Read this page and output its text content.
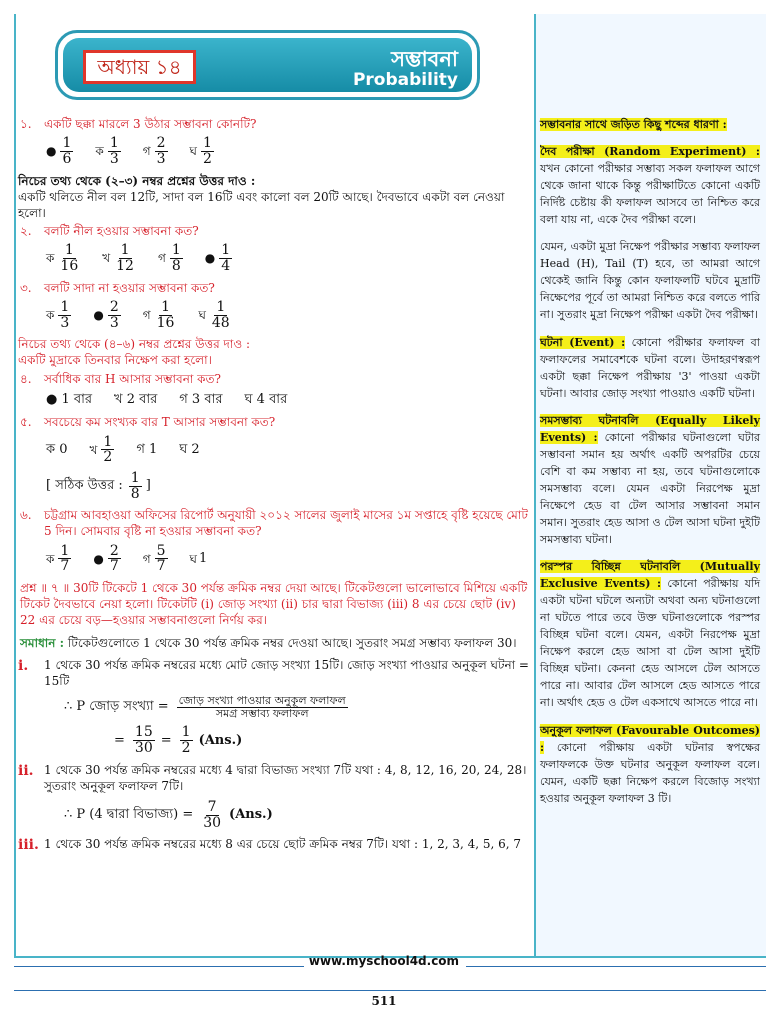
অধ্যায় ১৪	সম্ভাবনা
Probability

১. একটি ছক্কা মারলে 3 উঠার সম্ভাবনা কোনটি?

● $\frac{1}{6}$ ক $\frac{1}{3}$ গ $\frac{2}{3}$ ঘ $\frac{1}{2}$
নিচের তথ্য থেকে (২–৩) নম্বর প্রশ্নের উত্তর দাও :
একটি থলিতে নীল বল 12টি, সাদা বল 16টি এবং কালো বল 20টি আছে। দৈবভাবে একটা বল নেওয়া হলো।

২. বলটি নীল হওয়ার সম্ভাবনা কত?

ক $\frac{1}{16}$ খ $\frac{1}{12}$ গ $\frac{1}{8}$ ● $\frac{1}{4}$

৩. বলটি সাদা না হওয়ার সম্ভাবনা কত?

ক $\frac{1}{3}$ ● $\frac{2}{3}$ গ $\frac{1}{16}$ ঘ $\frac{1}{48}$
নিচের তথ্য থেকে (৪–৬) নম্বর প্রশ্নের উত্তর দাও :
একটি মুদ্রাকে তিনবার নিক্ষেপ করা হলো।

৪. সর্বাধিক বার H আসার সম্ভাবনা কত?

● 1 বার খ 2 বার গ 3 বার ঘ 4 বার

৫. সবচেয়ে কম সংখ্যক বার T আসার সম্ভাবনা কত?

ক 0 খ $\frac{1}{2}$ গ 1 ঘ 2
[ সঠিক উত্তর : $\frac{1}{8}$ ]

৬.	চট্টগ্রাম আবহাওয়া অফিসের রিপোর্ট অনুযায়ী ২০১২ সালের জুলাই মাসের ১ম সপ্তাহে বৃষ্টি হয়েছে মোট 5 দিন। সোমবার বৃষ্টি না হওয়ার সম্ভাবনা কত?

ক $\frac{1}{7}$ ● $\frac{2}{7}$ গ $\frac{5}{7}$ ঘ 1

প্রশ্ন ॥ ৭ ॥ 30টি টিকেটে 1 থেকে 30 পর্যন্ত ক্রমিক নম্বর দেয়া আছে। টিকেটগুলো ভালোভাবে মিশিয়ে একটি টিকেট দৈবভাবে নেয়া হলো। টিকেটটি (i) জোড় সংখ্যা (ii) চার দ্বারা বিভাজ্য (iii) 8 এর চেয়ে ছোট (iv) 22 এর চেয়ে বড়—হওয়ার সম্ভাবনাগুলো নির্ণয় কর।

সমাধান : টিকেটগুলোতে 1 থেকে 30 পর্যন্ত ক্রমিক নম্বর দেওয়া আছে। সুতরাং সমগ্র সম্ভাব্য ফলাফল 30।

i.	1 থেকে 30 পর্যন্ত ক্রমিক নম্বরের মধ্যে মোট জোড় সংখ্যা 15টি। জোড় সংখ্যা পাওয়ার অনুকূল ঘটনা = 15টি
∴ P জোড় সংখ্যা = $\frac{\text{জোড় সংখ্যা পাওয়ার অনুকূল ফলাফল}}{\text{সমগ্র সম্ভাব্য ফলাফল}}$
= $\frac{15}{30} = \frac{1}{2} (Ans.)$
ii. 1 থেকে 30 পর্যন্ত ক্রমিক নম্বরের মধ্যে 4 দ্বারা বিভাজ্য সংখ্যা 7টি যথা : 4, 8, 12, 16, 20, 24, 28। সুতরাং অনুকূল ফলাফল 7টি।
∴ P (4 দ্বারা বিভাজ্য) = $\frac{7}{30} (Ans.)$
iii. 1 থেকে 30 পর্যন্ত ক্রমিক নম্বরের মধ্যে 8 এর চেয়ে ছোট ক্রমিক নম্বর 7টি। যথা : 1, 2, 3, 4, 5, 6, 7
সম্ভাবনার সাথে জড়িত কিছু শব্দের ধারণা :
দৈব পরীক্ষা (Random Experiment) : যখন কোনো পরীক্ষার সম্ভাব্য সকল ফলাফল আগে থেকে জানা থাকে কিন্তু পরীক্ষাটিতে কোনো একটি নির্দিষ্ট চেষ্টায় কী ফলাফল আসবে তা নিশ্চিত করে বলা যায় না, একে দৈব পরীক্ষা বলে।
যেমন, একটা মুদ্রা নিক্ষেপ পরীক্ষার সম্ভাব্য ফলাফল Head (H), Tail (T) হবে, তা আমরা আগে থেকেই জানি কিন্তু কোন ফলাফলটি ঘটবে মুদ্রাটি নিক্ষেপের পূর্বে তা আমরা নিশ্চিত করে বলতে পারি না। সুতরাং মুদ্রা নিক্ষেপ পরীক্ষা একটা দৈব পরীক্ষা।
ঘটনা (Event) : কোনো পরীক্ষার ফলাফল বা ফলাফলের সমাবেশকে ঘটনা বলে। উদাহরণস্বরূপ একটা ছক্কা নিক্ষেপ পরীক্ষায় '3' পাওয়া একটা ঘটনা। আবার জোড় সংখ্যা পাওয়াও একটি ঘটনা।
সমসম্ভাব্য ঘটনাবলি (Equally Likely Events) : কোনো পরীক্ষার ঘটনাগুলো ঘটার সম্ভাবনা সমান হয় অর্থাৎ একটি অপরটির চেয়ে বেশি বা কম সম্ভাব্য না হয়, তবে ঘটনাগুলোকে সমসম্ভাব্য বলে। যেমন একটা নিরপেক্ষ মুদ্রা নিক্ষেপে হেড বা টেল আসার সম্ভাবনা সমান সমান। সুতরাং হেড আসা ও টেল আসা ঘটনা দুইটি সমসম্ভাব্য ঘটনা।
পরস্পর বিচ্ছিন্ন ঘটনাবলি (Mutually Exclusive Events) : কোনো পরীক্ষায় যদি একটা ঘটনা ঘটলে অন্যটা অথবা অন্য ঘটনাগুলো না ঘটতে পারে তবে উক্ত ঘটনাগুলোকে পরস্পর বিচ্ছিন্ন ঘটনা বলে। যেমন, একটা নিরপেক্ষ মুদ্রা নিক্ষেপ করলে হেড আসা বা টেল আসা দুইটি বিচ্ছিন্ন ঘটনা। কেননা হেড আসলে টেল আসতে পারে না। আবার টেল আসলে হেড আসতে পারে না। অর্থাৎ হেড ও টেল একসাথে আসতে পারে না।
অনুকূল ফলাফল (Favourable Outcomes) : কোনো পরীক্ষায় একটা ঘটনার স্বপক্ষের ফলাফলকে উক্ত ঘটনার অনুকূল ফলাফল বলে। যেমন, একটি ছক্কা নিক্ষেপ করলে বিজোড় সংখ্যা হওয়ার অনুকূল ফলাফল 3 টি।
www.myschool4d.com
511
